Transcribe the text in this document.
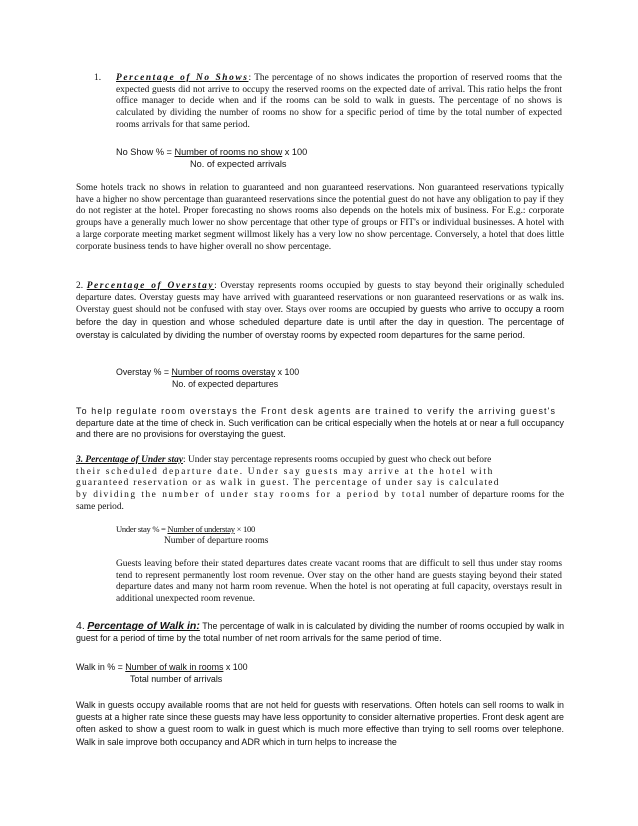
1.	Percentage of No Shows: The percentage of no shows indicates the proportion of reserved rooms that the expected guests did not arrive to occupy the reserved rooms on the expected date of arrival. This ratio helps the front office manager to decide when and if the rooms can be sold to walk in guests. The percentage of no shows is calculated by dividing the number of rooms no show for a specific period of time by the total number of expected rooms arrivals for that same period.
No Show % = Number of rooms no show x 100
No. of expected arrivals
Some hotels track no shows in relation to guaranteed and non guaranteed reservations. Non guaranteed reservations typically have a higher no show percentage than guaranteed reservations since the potential guest do not have any obligation to pay if they do not register at the hotel. Proper forecasting no shows rooms also depends on the hotels mix of business. For E.g.: corporate groups have a generally much lower no show percentage that other type of groups or FIT's or individual businesses. A hotel with a large corporate meeting market segment willmost likely has a very low no show percentage. Conversely, a hotel that does little corporate business tends to have higher overall no show percentage.
2. Percentage of Overstay: Overstay represents rooms occupied by guests to stay beyond their originally scheduled departure dates. Overstay guests may have arrived with guaranteed reservations or non guaranteed reservations or as walk ins. Overstay guest should not be confused with stay over. Stays over rooms are occupied by guests who arrive to occupy a room before the day in question and whose scheduled departure date is until after the day in question. The percentage of overstay is calculated by dividing the number of overstay rooms by expected room departures for the same period.
Overstay % = Number of rooms overstay x 100
No. of expected departures
To help regulate room overstays the Front desk agents are trained to verify the arriving guest's
departure date at the time of check in. Such verification can be critical especially when the hotels at or near a full occupancy and there are no provisions for overstaying the guest.
3. Percentage of Under stay: Under stay percentage represents rooms occupied by guest who check out before
their scheduled departure date. Under say guests may arrive at the hotel with
guaranteed reservation or as walk in guest. The percentage of under say is calculated
by dividing the number of under stay rooms for a period by total number of departure rooms for the same period.
Under stay % = Number of understay × 100
Number of departure rooms
Guests leaving before their stated departures dates create vacant rooms that are difficult to sell thus under stay rooms tend to represent permanently lost room revenue. Over stay on the other hand are guests staying beyond their stated departure dates and many not harm room revenue. When the hotel is not operating at full capacity, overstays result in additional unexpected room revenue.
4. Percentage of Walk in: The percentage of walk in is calculated by dividing the number of rooms occupied by walk in guest for a period of time by the total number of net room arrivals for the same period of time.
Walk in % = Number of walk in rooms x 100
Total number of arrivals
Walk in guests occupy available rooms that are not held for guests with reservations. Often hotels can sell rooms to walk in guests at a higher rate since these guests may have less opportunity to consider alternative properties. Front desk agent are often asked to show a guest room to walk in guest which is much more effective than trying to sell rooms over telephone. Walk in sale improve both occupancy and ADR which in turn helps to increase the
